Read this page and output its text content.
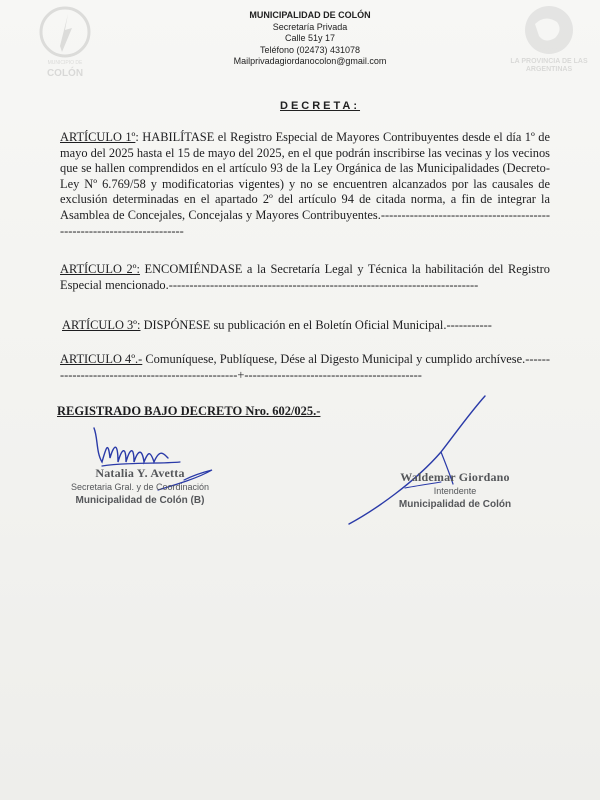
MUNICIPIO DE
COLÓN
MUNICIPALIDAD DE COLÓN
Secretaría Privada
Calle 51y 17
Teléfono (02473) 431078
Mailprivadagiordanocolon@gmail.com	LA PROVINCIA DE LAS ARGENTINAS
DECRETA:
ARTÍCULO 1º: HABILÍTASE el Registro Especial de Mayores Contribuyentes desde el día 1º de mayo del 2025 hasta el 15 de mayo del 2025, en el que podrán inscribirse las vecinas y los vecinos que se hallen comprendidos en el artículo 93 de la Ley Orgánica de las Municipalidades (Decreto-Ley Nº 6.769/58 y modificatorias vigentes) y no se encuentren alcanzados por las causales de exclusión determinadas en el apartado 2º del artículo 94 de citada norma, a fin de integrar la Asamblea de Concejales, Concejalas y Mayores Contribuyentes.-----------------------------------------------------------------------
ARTÍCULO 2º: ENCOMIÉNDASE a la Secretaría Legal y Técnica la habilitación del Registro Especial mencionado.---------------------------------------------------------------------------
ARTÍCULO 3º: DISPÓNESE su publicación en el Boletín Oficial Municipal.-----------
ARTICULO 4º.- Comuníquese, Publíquese, Dése al Digesto Municipal y cumplido archívese.-------------------------------------------------+-------------------------------------------
REGISTRADO BAJO DECRETO Nro. 602/025.-
Natalia Y. Avetta
Secretaria Gral. y de Coordinación
Municipalidad de Colón (B)
Waldemar Giordano
Intendente
Municipalidad de Colón
